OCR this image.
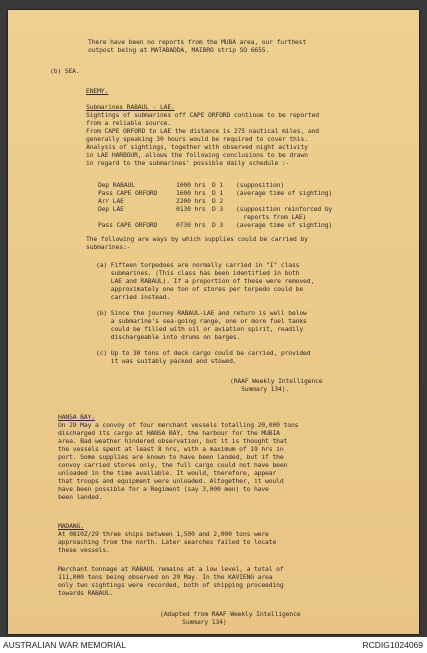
There have been no reports from the MUBA area, our furthest
outpost being at MATABADDA, MAIBRO strip SO 6655.
(b) SEA.
ENEMY.
Submarines RABAUL - LAE.
Sightings of submarines off CAPE ORFORD continue to be reported
from a reliable source.
From CAPE ORFORD to LAE the distance is 275 nautical miles, and
generally speaking 30 hours would be required to cover this.
Analysis of sightings, together with observed night activity
in LAE HARBOUR, allows the following conclusions to be drawn
in regard to the submarines' possible daily schedule :-
Dep RABAUL	1000 hrs D 1 (supposition)
Pass CAPE ORFORD	1600 hrs D 1 (average time of sighting)
Arr LAE	2200 hrs D 2
Dep LAE	0130 hrs D 3 (supposition reinforced by
reports from LAE)
Pass CAPE ORFORD	0730 hrs D 3 (average time of sighting)
The following are ways by which supplies could be carried by
submarines:-
(a) Fifteen torpedoes are normally carried in "I" class
submarines. (This class has been identified in both
LAE and RABAUL). If a proportion of these were removed,
approximately one ton of stores per torpedo could be
carried instead.
(b) Since the journey RABAUL-LAE and return is well below
a submarine's sea-going range, one or more fuel tanks
could be filled with oil or aviation spirit, readily
dischargeable into drums on barges.
(c) Up to 30 tons of deck cargo could be carried, provided
it was suitably packed and stowed.
(RAAF Weekly Intelligence
Summary 134).
HANSA BAY.
On 29 May a convoy of four merchant vessels totalling 20,000 tons
discharged its cargo at HANSA BAY, the harbour for the MUBIA
area. Bad weather hindered observation, but it is thought that
the vessels spent at least 8 hrs, with a maximum of 19 hrs in
port. Some supplies are known to have been landed, but if the
convoy carried stores only, the full cargo could not have been
unloaded in the time available. It would, therefore, appear
that troops and equipment were unloaded. Altogether, it would
have been possible for a Regiment (say 3,000 men) to have
been landed.
MADANG.
At 0810Z/29 three ships between 1,500 and 2,000 tons were
approaching from the north. Later searches failed to locate
these vessels.
Merchant tonnage at RABAUL remains at a low level, a total of
111,000 tons being observed on 29 May. In the KAVIENG area
only two sightings were recorded, both of shipping proceeding
towards RABAUL.
(Adapted from RAAF Weekly Intelligence
Summary 134)
AUSTRALIAN WAR MEMORIAL	RCDIG1024069
